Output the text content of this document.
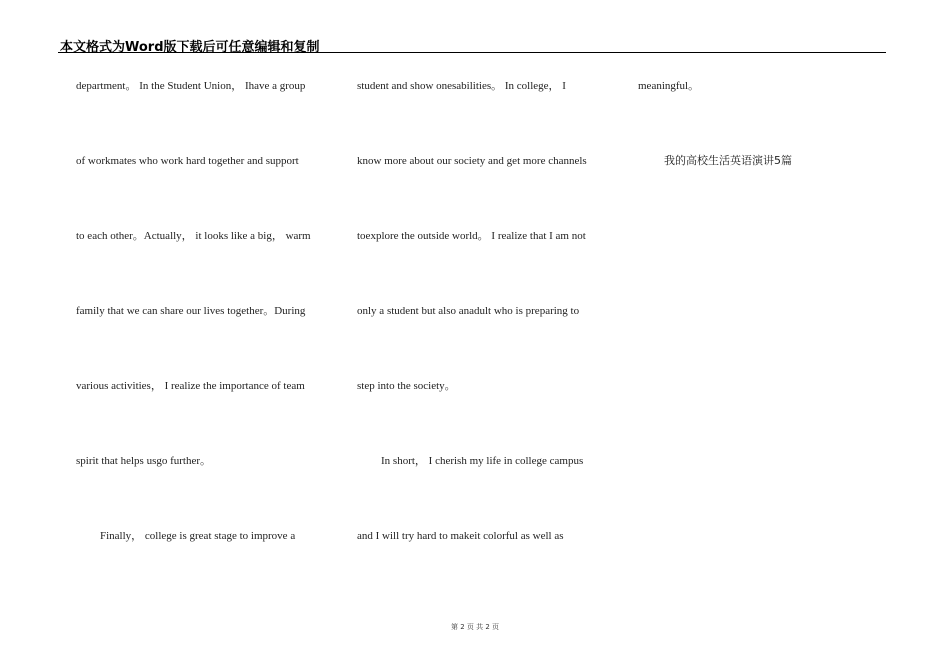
本文格式为Word版下载后可任意编辑和复制
department。 In the Student Union， Ihave a group
of workmates who work hard together and support
to each other。Actually， it looks like a big， warm
family that we can share our lives together。During
various activities， I realize the importance of team
spirit that helps usgo further。
Finally， college is great stage to improve a
student and show onesabilities。 In college， I
know more about our society and get more channels
toexplore the outside world。 I realize that I am not
only a student but also anadult who is preparing to
step into the society。
In short， I cherish my life in college campus
and I will try hard to makeit colorful as well as
meaningful。
我的高校生活英语演讲5篇
第 2 页 共 2 页
